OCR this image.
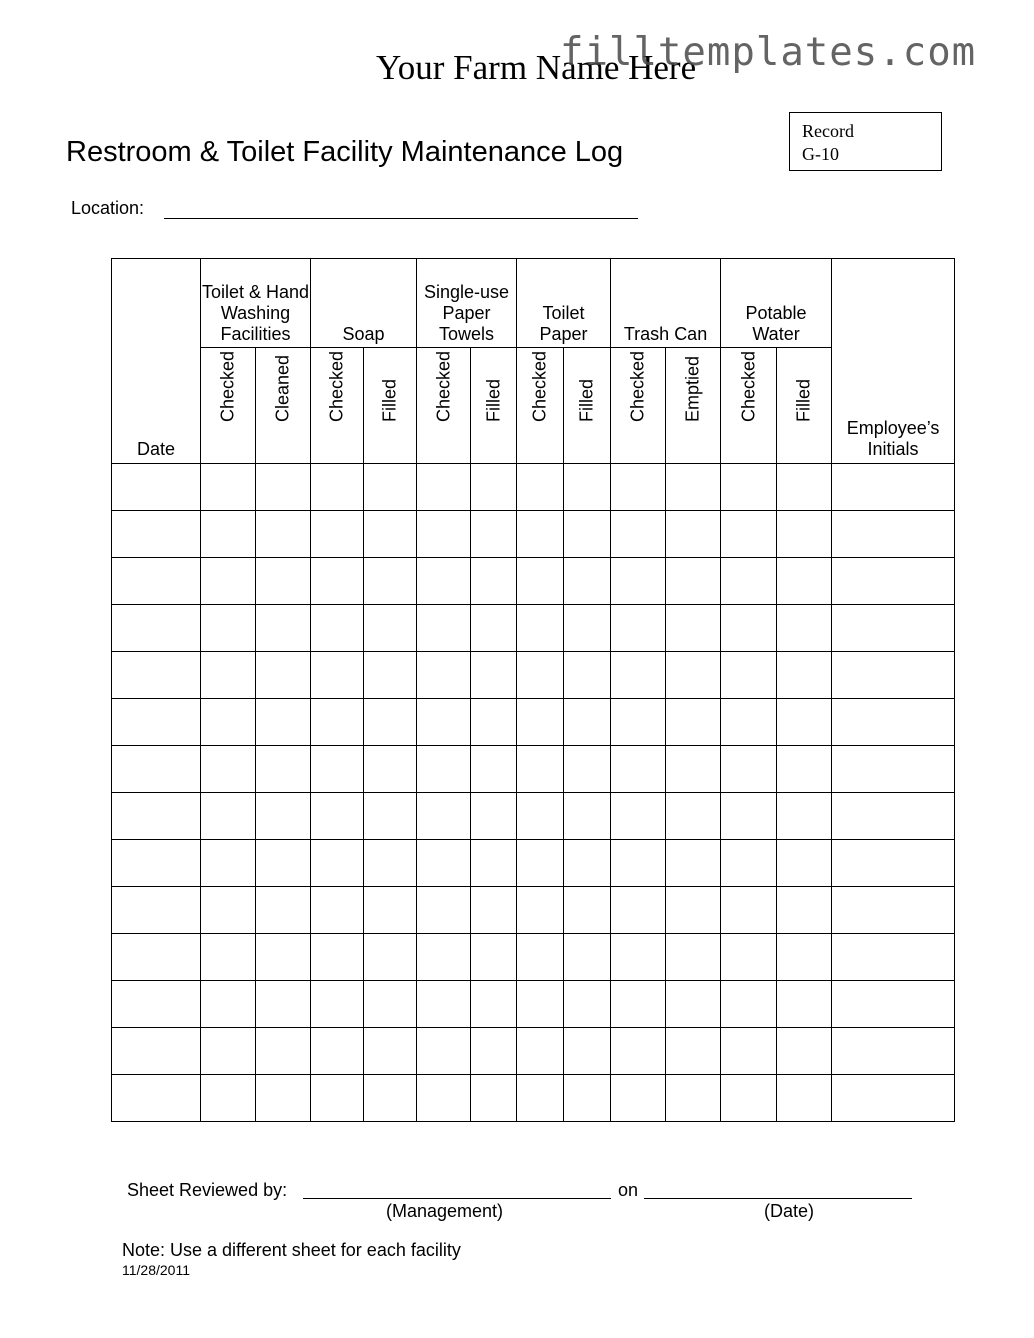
Your Farm Name Here
filltemplates.com
Record
G-10
Restroom & Toilet Facility Maintenance Log
Location:
Date	Toilet & Hand Washing Facilities		Soap		Single-use Paper Towels		Toilet Paper		Trash Can		Potable Water		Employee’s Initials

	Checked	Cleaned	Checked	Filled	Checked	Filled	Checked	Filled	Checked	Emptied	Checked	Filled	

Sheet Reviewed by:	on
(Management)	(Date)
Note: Use a different sheet for each facility
11/28/2011
